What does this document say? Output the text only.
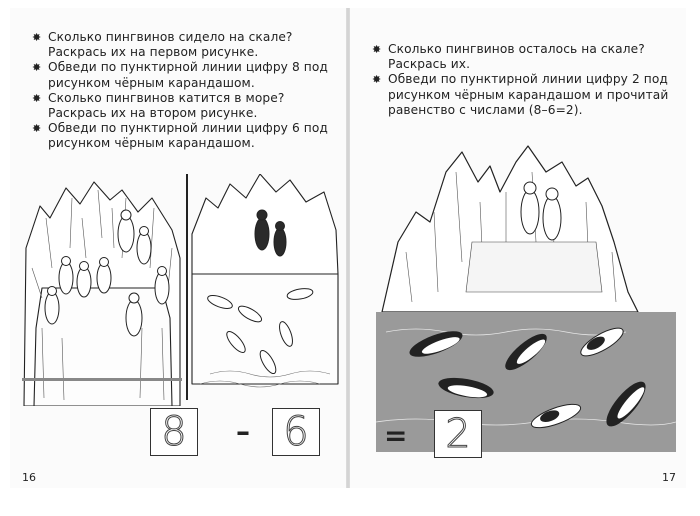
✸ Сколько пингвинов сидело на скале? Раскрась их на первом рисунке.

✸ Обведи по пунктирной линии цифру 8 под рисунком чёрным карандашом.

✸ Сколько пингвинов катится в море? Раскрась их на втором рисунке.

✸ Обведи по пунктирной линии цифру 6 под рисунком чёрным карандашом.

8 – 6
16

✸ Сколько пингвинов осталось на скале? Раскрась их.

✸ Обведи по пунктирной линии цифру 2 под рисунком чёрным карандашом и прочитай равенство с числами (8–6=2).

= 2
17
